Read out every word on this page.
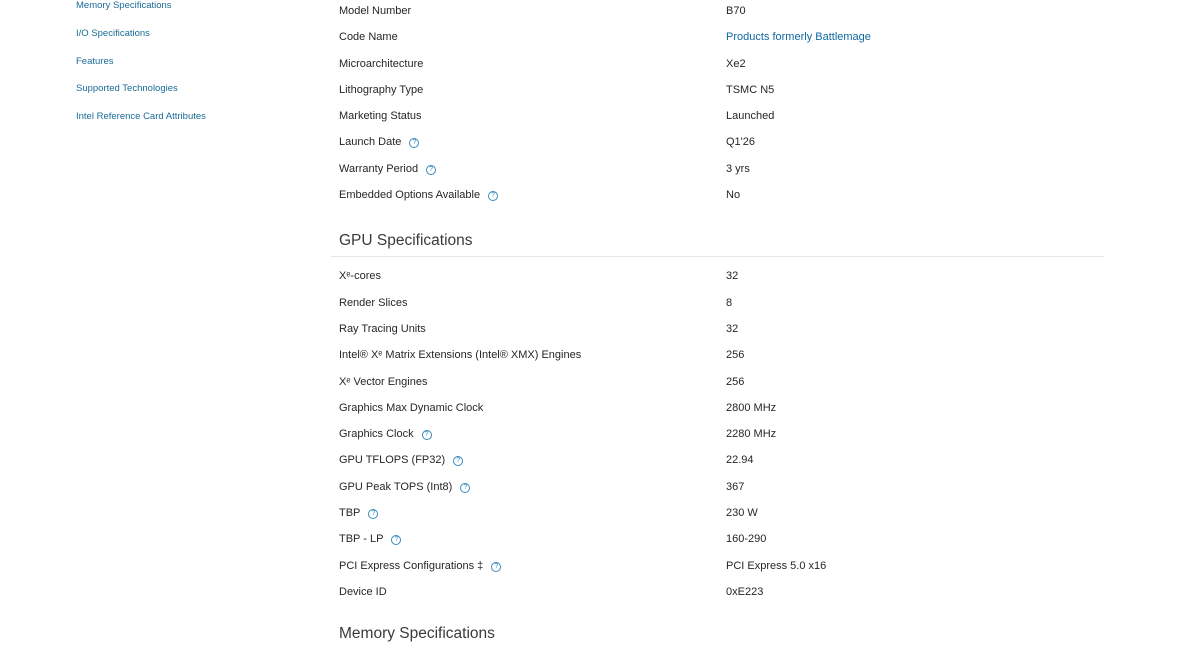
Memory Specifications
I/O Specifications
Features
Supported Technologies
Intel Reference Card Attributes
Model Number	B70
Code Name	Products formerly Battlemage
Microarchitecture	Xe2
Lithography Type	TSMC N5
Marketing Status	Launched
Launch Date ?	Q1'26
Warranty Period ?	3 yrs
Embedded Options Available ?	No
GPU Specifications
Xᵉ-cores	32
Render Slices	8
Ray Tracing Units	32
Intel® Xᵉ Matrix Extensions (Intel® XMX) Engines	256
Xᵉ Vector Engines	256
Graphics Max Dynamic Clock	2800 MHz
Graphics Clock ?	2280 MHz
GPU TFLOPS (FP32) ?	22.94
GPU Peak TOPS (Int8) ?	367
TBP ?	230 W
TBP - LP ?	160-290
PCI Express Configurations ‡ ?	PCI Express 5.0 x16
Device ID	0xE223
Memory Specifications
